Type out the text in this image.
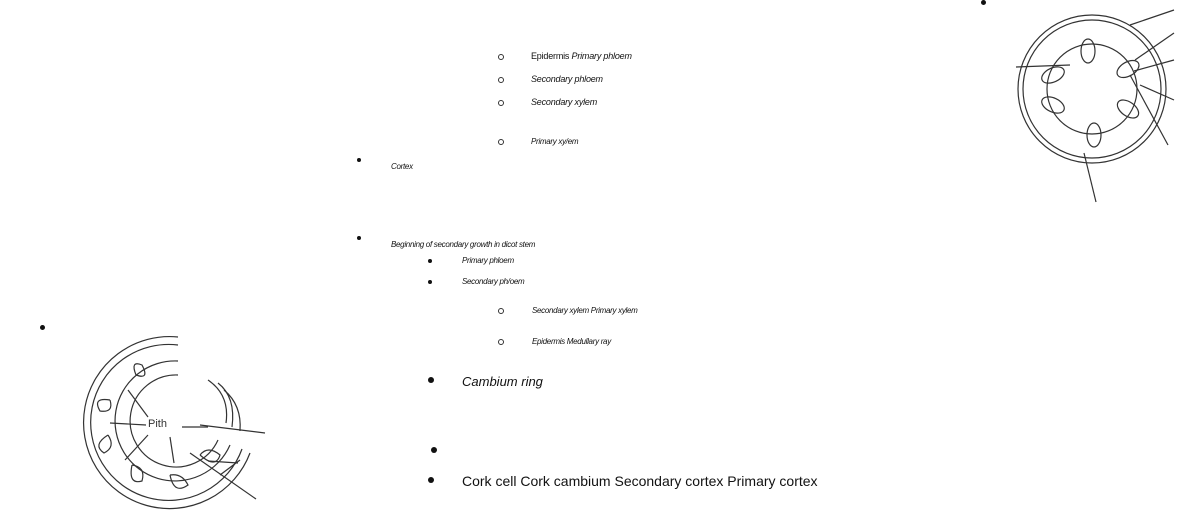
Epidermis Primary phloem
Secondary phloem
Secondary xylem
Primary xy/em
Cortex
Beginning of secondary growth in dicot stem
Primary phloem
Secondary ph/oem
Secondary xylem Primary xylem
Epidermis Medullary ray
Cambium ring
Cork cell Cork cambium Secondary cortex Primary cortex
Pith
